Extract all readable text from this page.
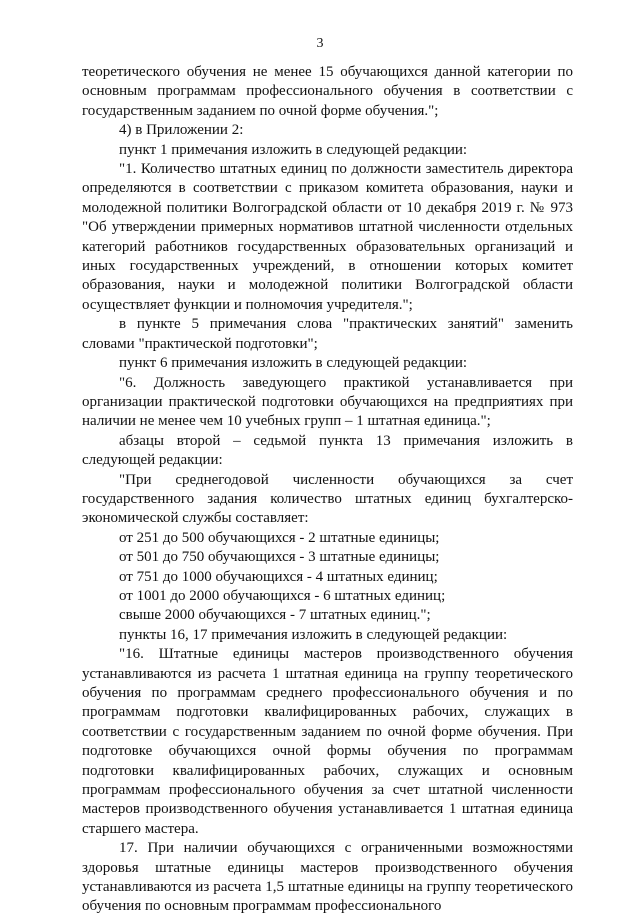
3

теоретического обучения не менее 15 обучающихся данной категории по основным программам профессионального обучения в соответствии с государственным заданием по очной форме обучения.";

4) в Приложении 2:

пункт 1 примечания изложить в следующей редакции:

"1. Количество штатных единиц по должности заместитель директора определяются в соответствии с приказом комитета образования, науки и молодежной политики Волгоградской области от 10 декабря 2019 г. № 973 "Об утверждении примерных нормативов штатной численности отдельных категорий работников государственных образовательных организаций и иных государственных учреждений, в отношении которых комитет образования, науки и молодежной политики Волгоградской области осуществляет функции и полномочия учредителя.";

в пункте 5 примечания слова "практических занятий" заменить словами "практической подготовки";

пункт 6 примечания изложить в следующей редакции:

"6. Должность заведующего практикой устанавливается при организации практической подготовки обучающихся на предприятиях при наличии не менее чем 10 учебных групп – 1 штатная единица.";

абзацы второй – седьмой пункта 13 примечания изложить в следующей редакции:

"При среднегодовой численности обучающихся за счет государственного задания количество штатных единиц бухгалтерско-экономической службы составляет:

от 251 до 500 обучающихся - 2 штатные единицы;

от 501 до 750 обучающихся - 3 штатные единицы;

от 751 до 1000 обучающихся - 4 штатных единиц;

от 1001 до 2000 обучающихся - 6 штатных единиц;

свыше 2000 обучающихся - 7 штатных единиц.";

пункты 16, 17 примечания изложить в следующей редакции:

"16. Штатные единицы мастеров производственного обучения устанавливаются из расчета 1 штатная единица на группу теоретического обучения по программам среднего профессионального обучения и по программам подготовки квалифицированных рабочих, служащих в соответствии с государственным заданием по очной форме обучения. При подготовке обучающихся очной формы обучения по программам подготовки квалифицированных рабочих, служащих и основным программам профессионального обучения за счет штатной численности мастеров производственного обучения устанавливается 1 штатная единица старшего мастера.

17. При наличии обучающихся с ограниченными возможностями здоровья штатные единицы мастеров производственного обучения устанавливаются из расчета 1,5 штатные единицы на группу теоретического обучения по основным программам профессионального
